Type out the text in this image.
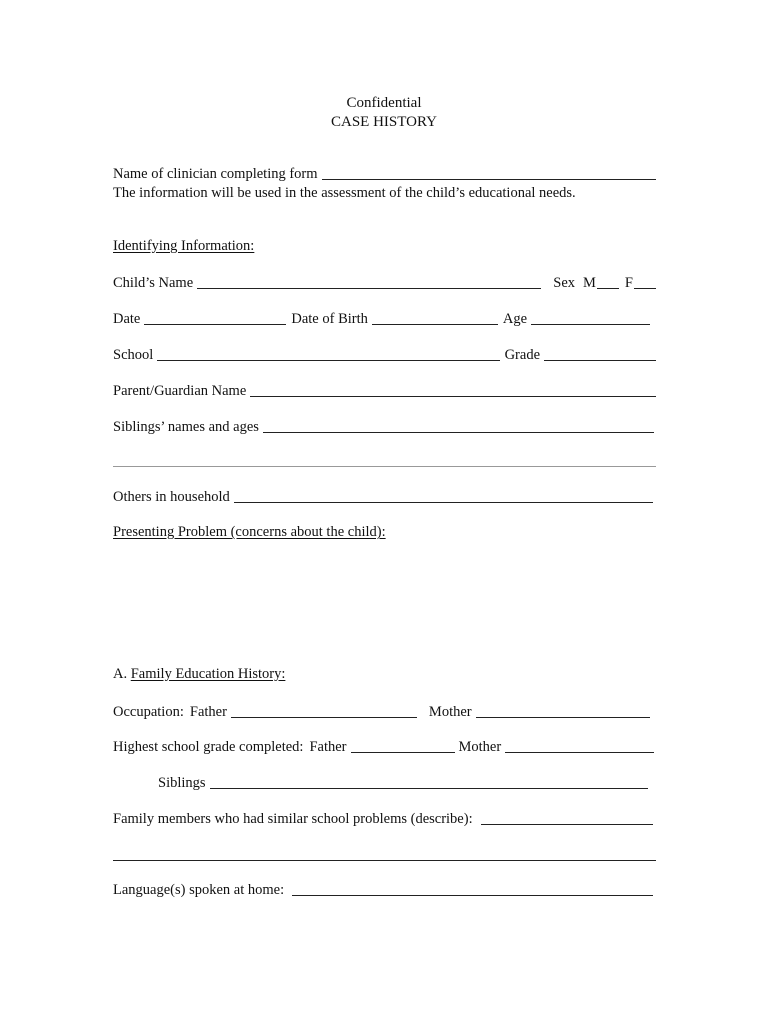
Confidential
CASE HISTORY
Name of clinician completing form
The information will be used in the assessment of the child’s educational needs.
Identifying Information:
Child’s Name	Sex M F
Date	Date of Birth	Age
School	Grade
Parent/Guardian Name
Siblings’ names and ages
Others in household
Presenting Problem (concerns about the child):
A. Family Education History:
Occupation: Father	Mother
Highest school grade completed: Father	Mother
Siblings
Family members who had similar school problems (describe):
Language(s) spoken at home:
